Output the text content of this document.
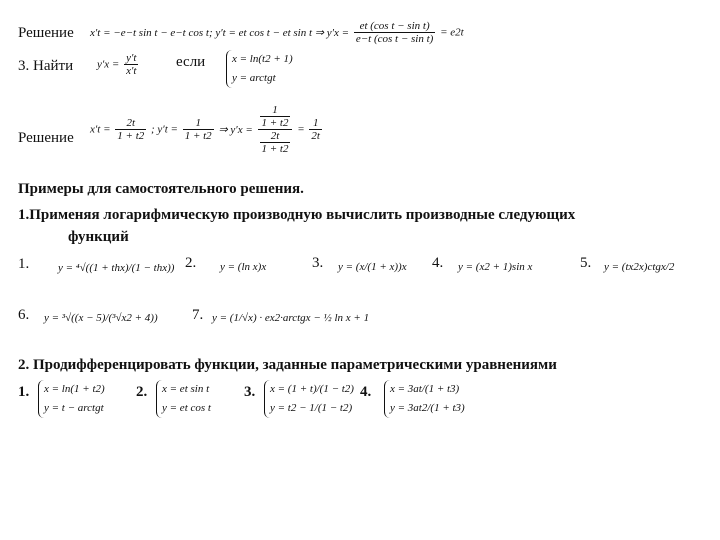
Решение x′t = −e−t sin t − e−t cos t; y′t = et cos t − et sin t ⇒ $y'x = \frac{\text{et (cos t − sin t)}}{\text{e−t (cos t − sin t)}} = e2t$
3. Найти $y'x = \frac{y't}{x't}$	если x = ln(t2 + 1)
y = arctgt
Решение
$x't = \frac{2t}{1 + t2}$ ; $y't = \frac{1}{1 + t2}$ ⇒ $y'x = \frac{\frac{1}{1 + t2}}{\frac{2t}{1 + t2}} = \frac{1}{2t}$
Примеры для самостоятельного решения.
1.Применяя логарифмическую производную вычислить производные следующих
функций
1.	y = ⁴√((1 + thx)/(1 − thx)) 2. y = (ln x)x	3. y = (x/(1 + x))x 4. y = (x2 + 1)sin x	5. y = (tx2x)ctgx/2
6. y = ³√((x − 5)/(³√x2 + 4)) 7. y = (1/√x) · ex2·arctgx − ½ ln x + 1
2. Продифференцировать функции, заданные параметрическими уравнениями
1. x = ln(1 + t2)
y = t − arctgt
2. x = et sin t
y = et cos t
3. x = (1 + t)/(1 − t2)
y = t2 − 1/(1 − t2)
4. x = 3at/(1 + t3)
y = 3at2/(1 + t3)
